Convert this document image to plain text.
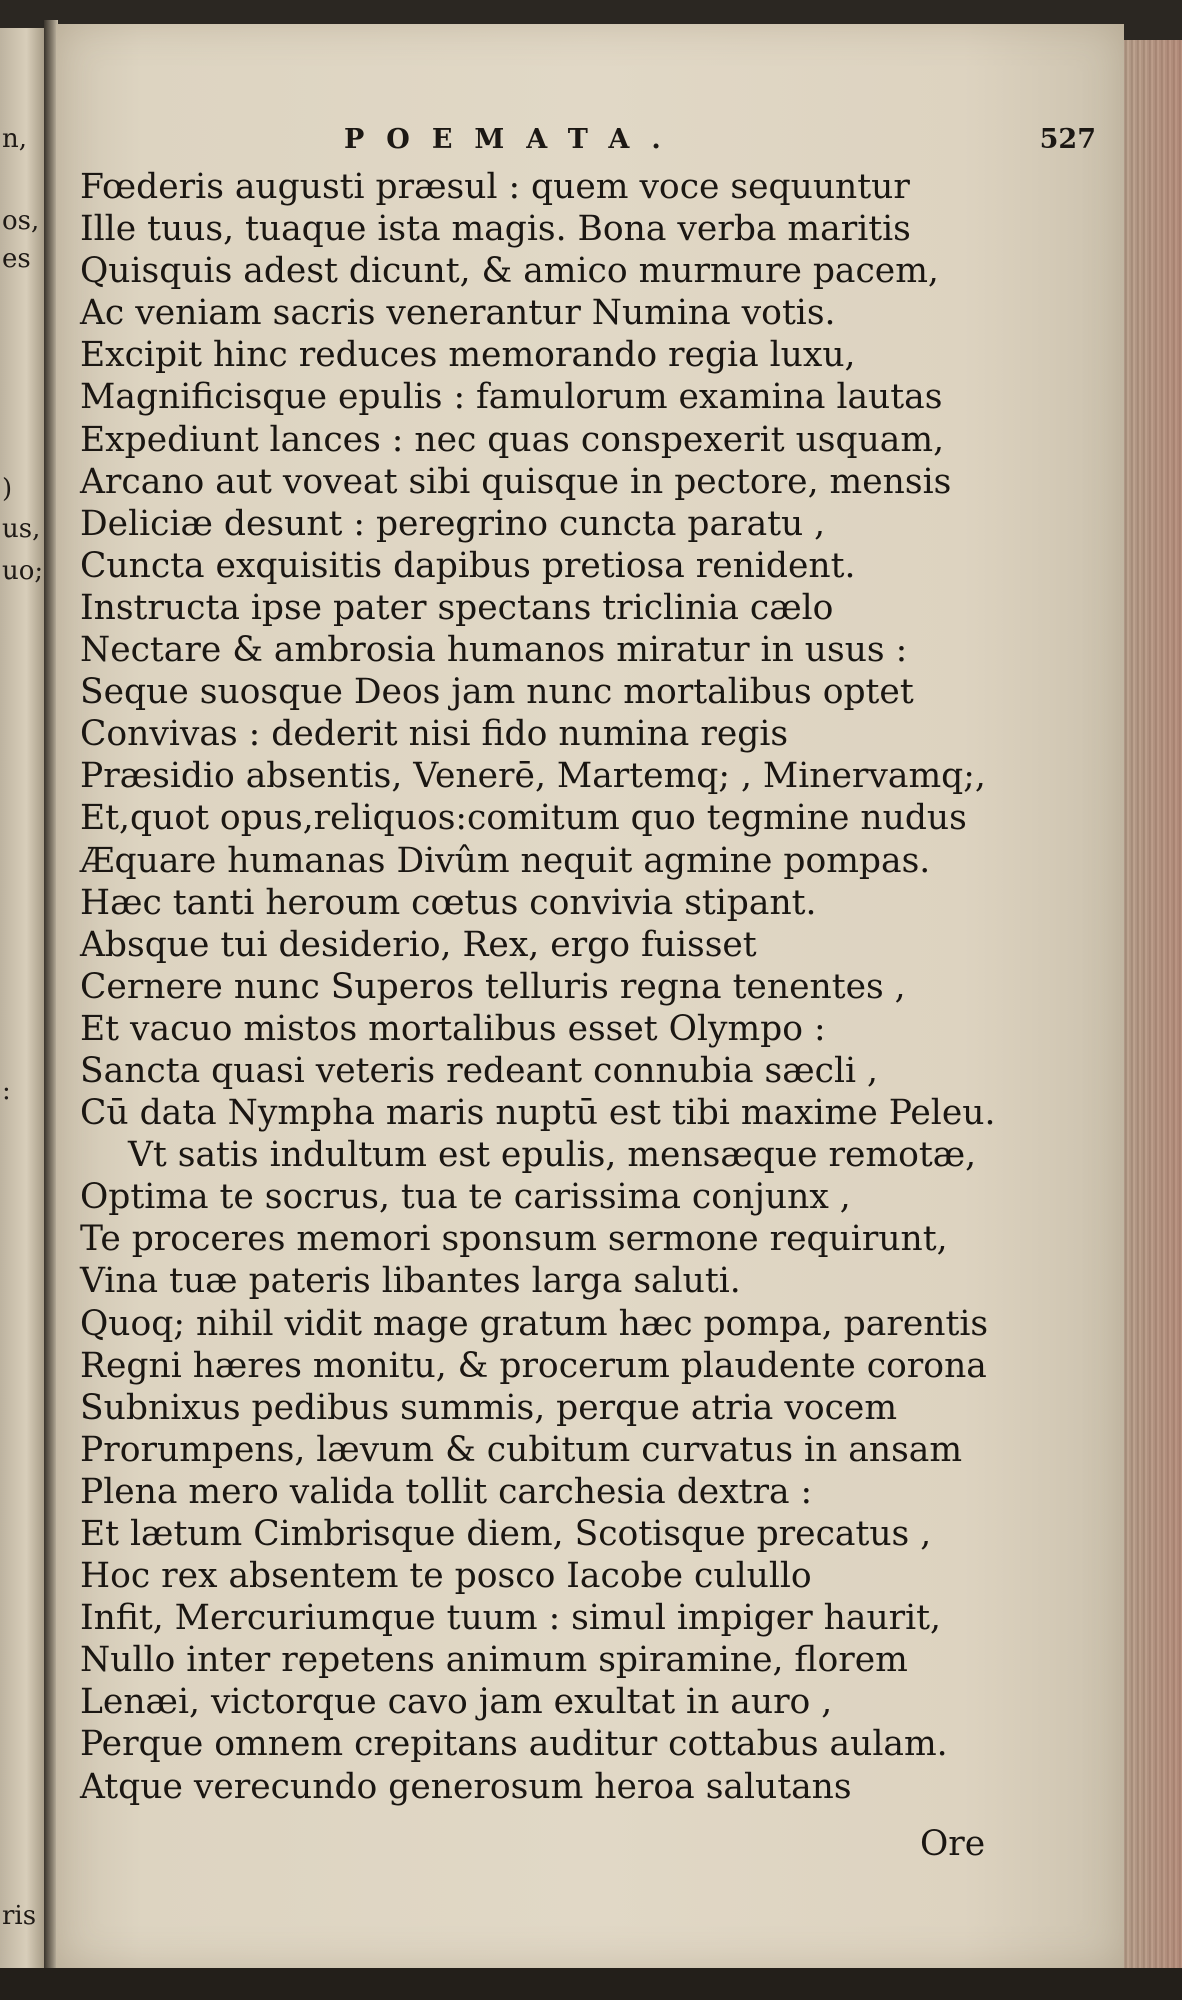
n,
os,
es
)
us,
uo;
:
ris
POEMATA.	527
Fœderis augusti præsul : quem voce sequuntur
Ille tuus, tuaque ista magis. Bona verba maritis
Quisquis adest dicunt, & amico murmure pacem,
Ac veniam sacris venerantur Numina votis.
Excipit hinc reduces memorando regia luxu,
Magnificisque epulis : famulorum examina lautas
Expediunt lances : nec quas conspexerit usquam,
Arcano aut voveat sibi quisque in pectore, mensis
Deliciæ desunt : peregrino cuncta paratu ,
Cuncta exquisitis dapibus pretiosa renident.
Instructa ipse pater spectans triclinia cælo
Nectare & ambrosia humanos miratur in usus :
Seque suosque Deos jam nunc mortalibus optet
Convivas : dederit nisi fido numina regis
Præsidio absentis, Venerē, Martemq; , Minervamq;,
Et,quot opus,reliquos:comitum quo tegmine nudus
Æquare humanas Divûm nequit agmine pompas.
Hæc tanti heroum cœtus convivia stipant.
Absque tui desiderio, Rex, ergo fuisset
Cernere nunc Superos telluris regna tenentes ,
Et vacuo mistos mortalibus esset Olympo :
Sancta quasi veteris redeant connubia sæcli ,
Cū data Nympha maris nuptū est tibi maxime Peleu.
Vt satis indultum est epulis, mensæque remotæ,
Optima te socrus, tua te carissima conjunx ,
Te proceres memori sponsum sermone requirunt,
Vina tuæ pateris libantes larga saluti.
Quoq; nihil vidit mage gratum hæc pompa, parentis
Regni hæres monitu, & procerum plaudente corona
Subnixus pedibus summis, perque atria vocem
Prorumpens, lævum & cubitum curvatus in ansam
Plena mero valida tollit carchesia dextra :
Et lætum Cimbrisque diem, Scotisque precatus ,
Hoc rex absentem te posco Iacobe culullo
Infit, Mercuriumque tuum : simul impiger haurit,
Nullo inter repetens animum spiramine, florem
Lenæi, victorque cavo jam exultat in auro ,
Perque omnem crepitans auditur cottabus aulam.
Atque verecundo generosum heroa salutans
Ore
